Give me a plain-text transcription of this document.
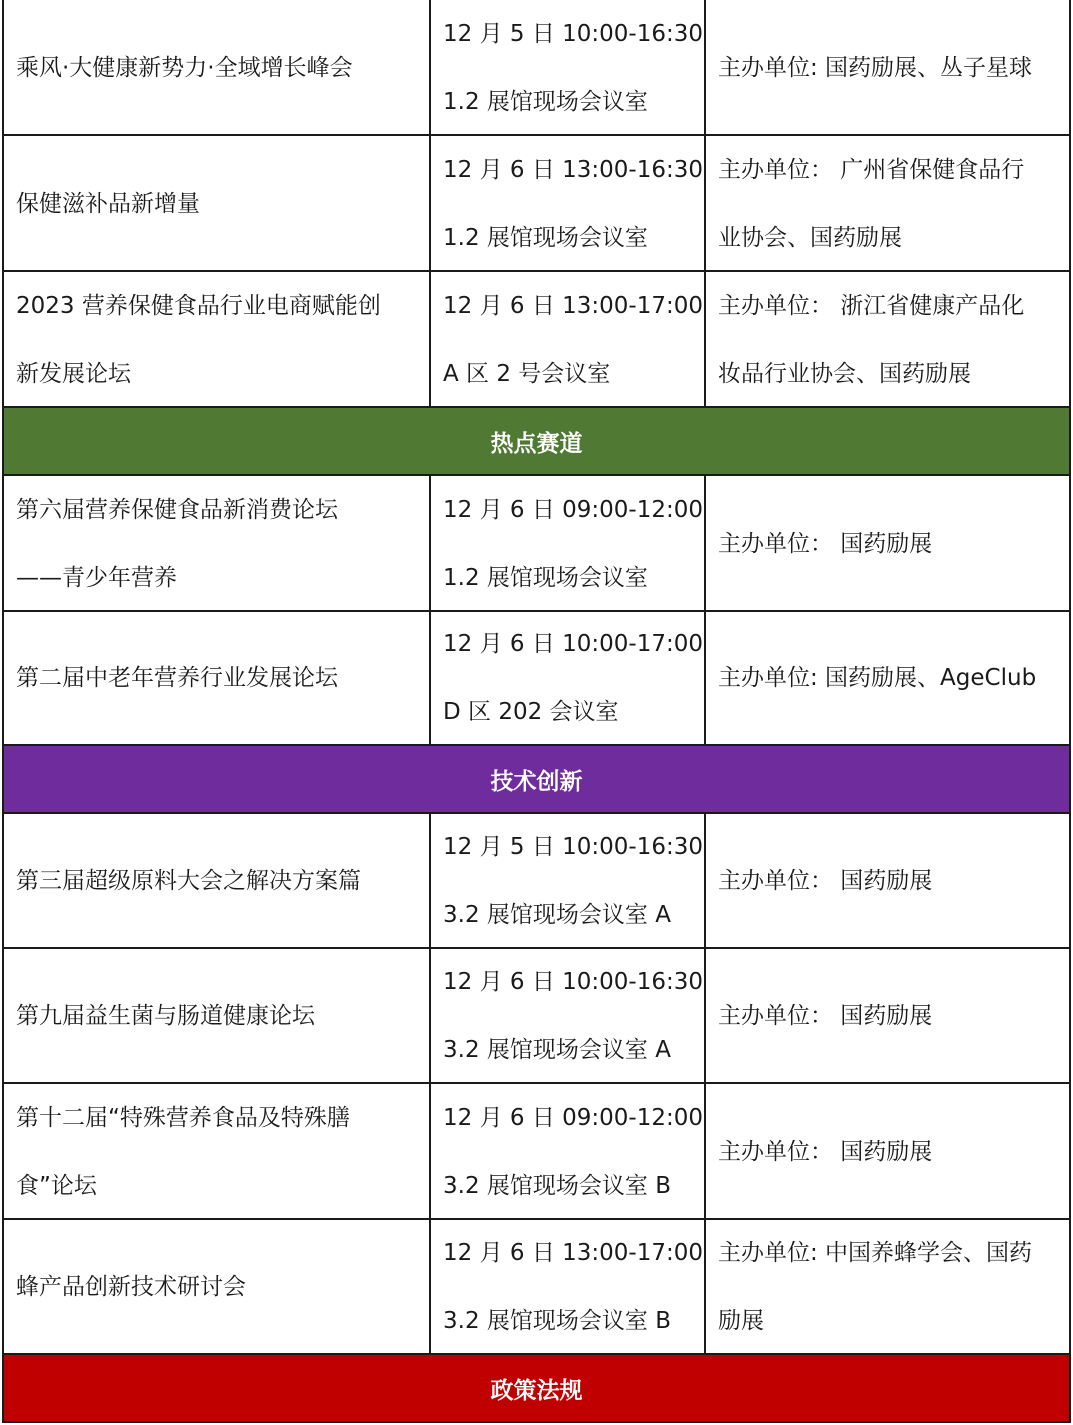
乘风·大健康新势力·全域增长峰会
12 月 5 日 10:00-16:30
1.2 展馆现场会议室
主办单位: 国药励展、丛子星球
保健滋补品新增量
12 月 6 日 13:00-16:30
1.2 展馆现场会议室
主办单位： 广州省保健食品行
业协会、国药励展
2023 营养保健食品行业电商赋能创
新发展论坛
12 月 6 日 13:00-17:00
A 区 2 号会议室
主办单位： 浙江省健康产品化
妆品行业协会、国药励展
热点赛道
第六届营养保健食品新消费论坛
——青少年营养
12 月 6 日 09:00-12:00
1.2 展馆现场会议室
主办单位： 国药励展
第二届中老年营养行业发展论坛
12 月 6 日 10:00-17:00
D 区 202 会议室
主办单位: 国药励展、AgeClub
技术创新
第三届超级原料大会之解决方案篇
12 月 5 日 10:00-16:30
3.2 展馆现场会议室 A
主办单位： 国药励展
第九届益生菌与肠道健康论坛
12 月 6 日 10:00-16:30
3.2 展馆现场会议室 A
主办单位： 国药励展
第十二届“特殊营养食品及特殊膳
食”论坛
12 月 6 日 09:00-12:00
3.2 展馆现场会议室 B
主办单位： 国药励展
蜂产品创新技术研讨会
12 月 6 日 13:00-17:00
3.2 展馆现场会议室 B
主办单位: 中国养蜂学会、国药
励展
政策法规
